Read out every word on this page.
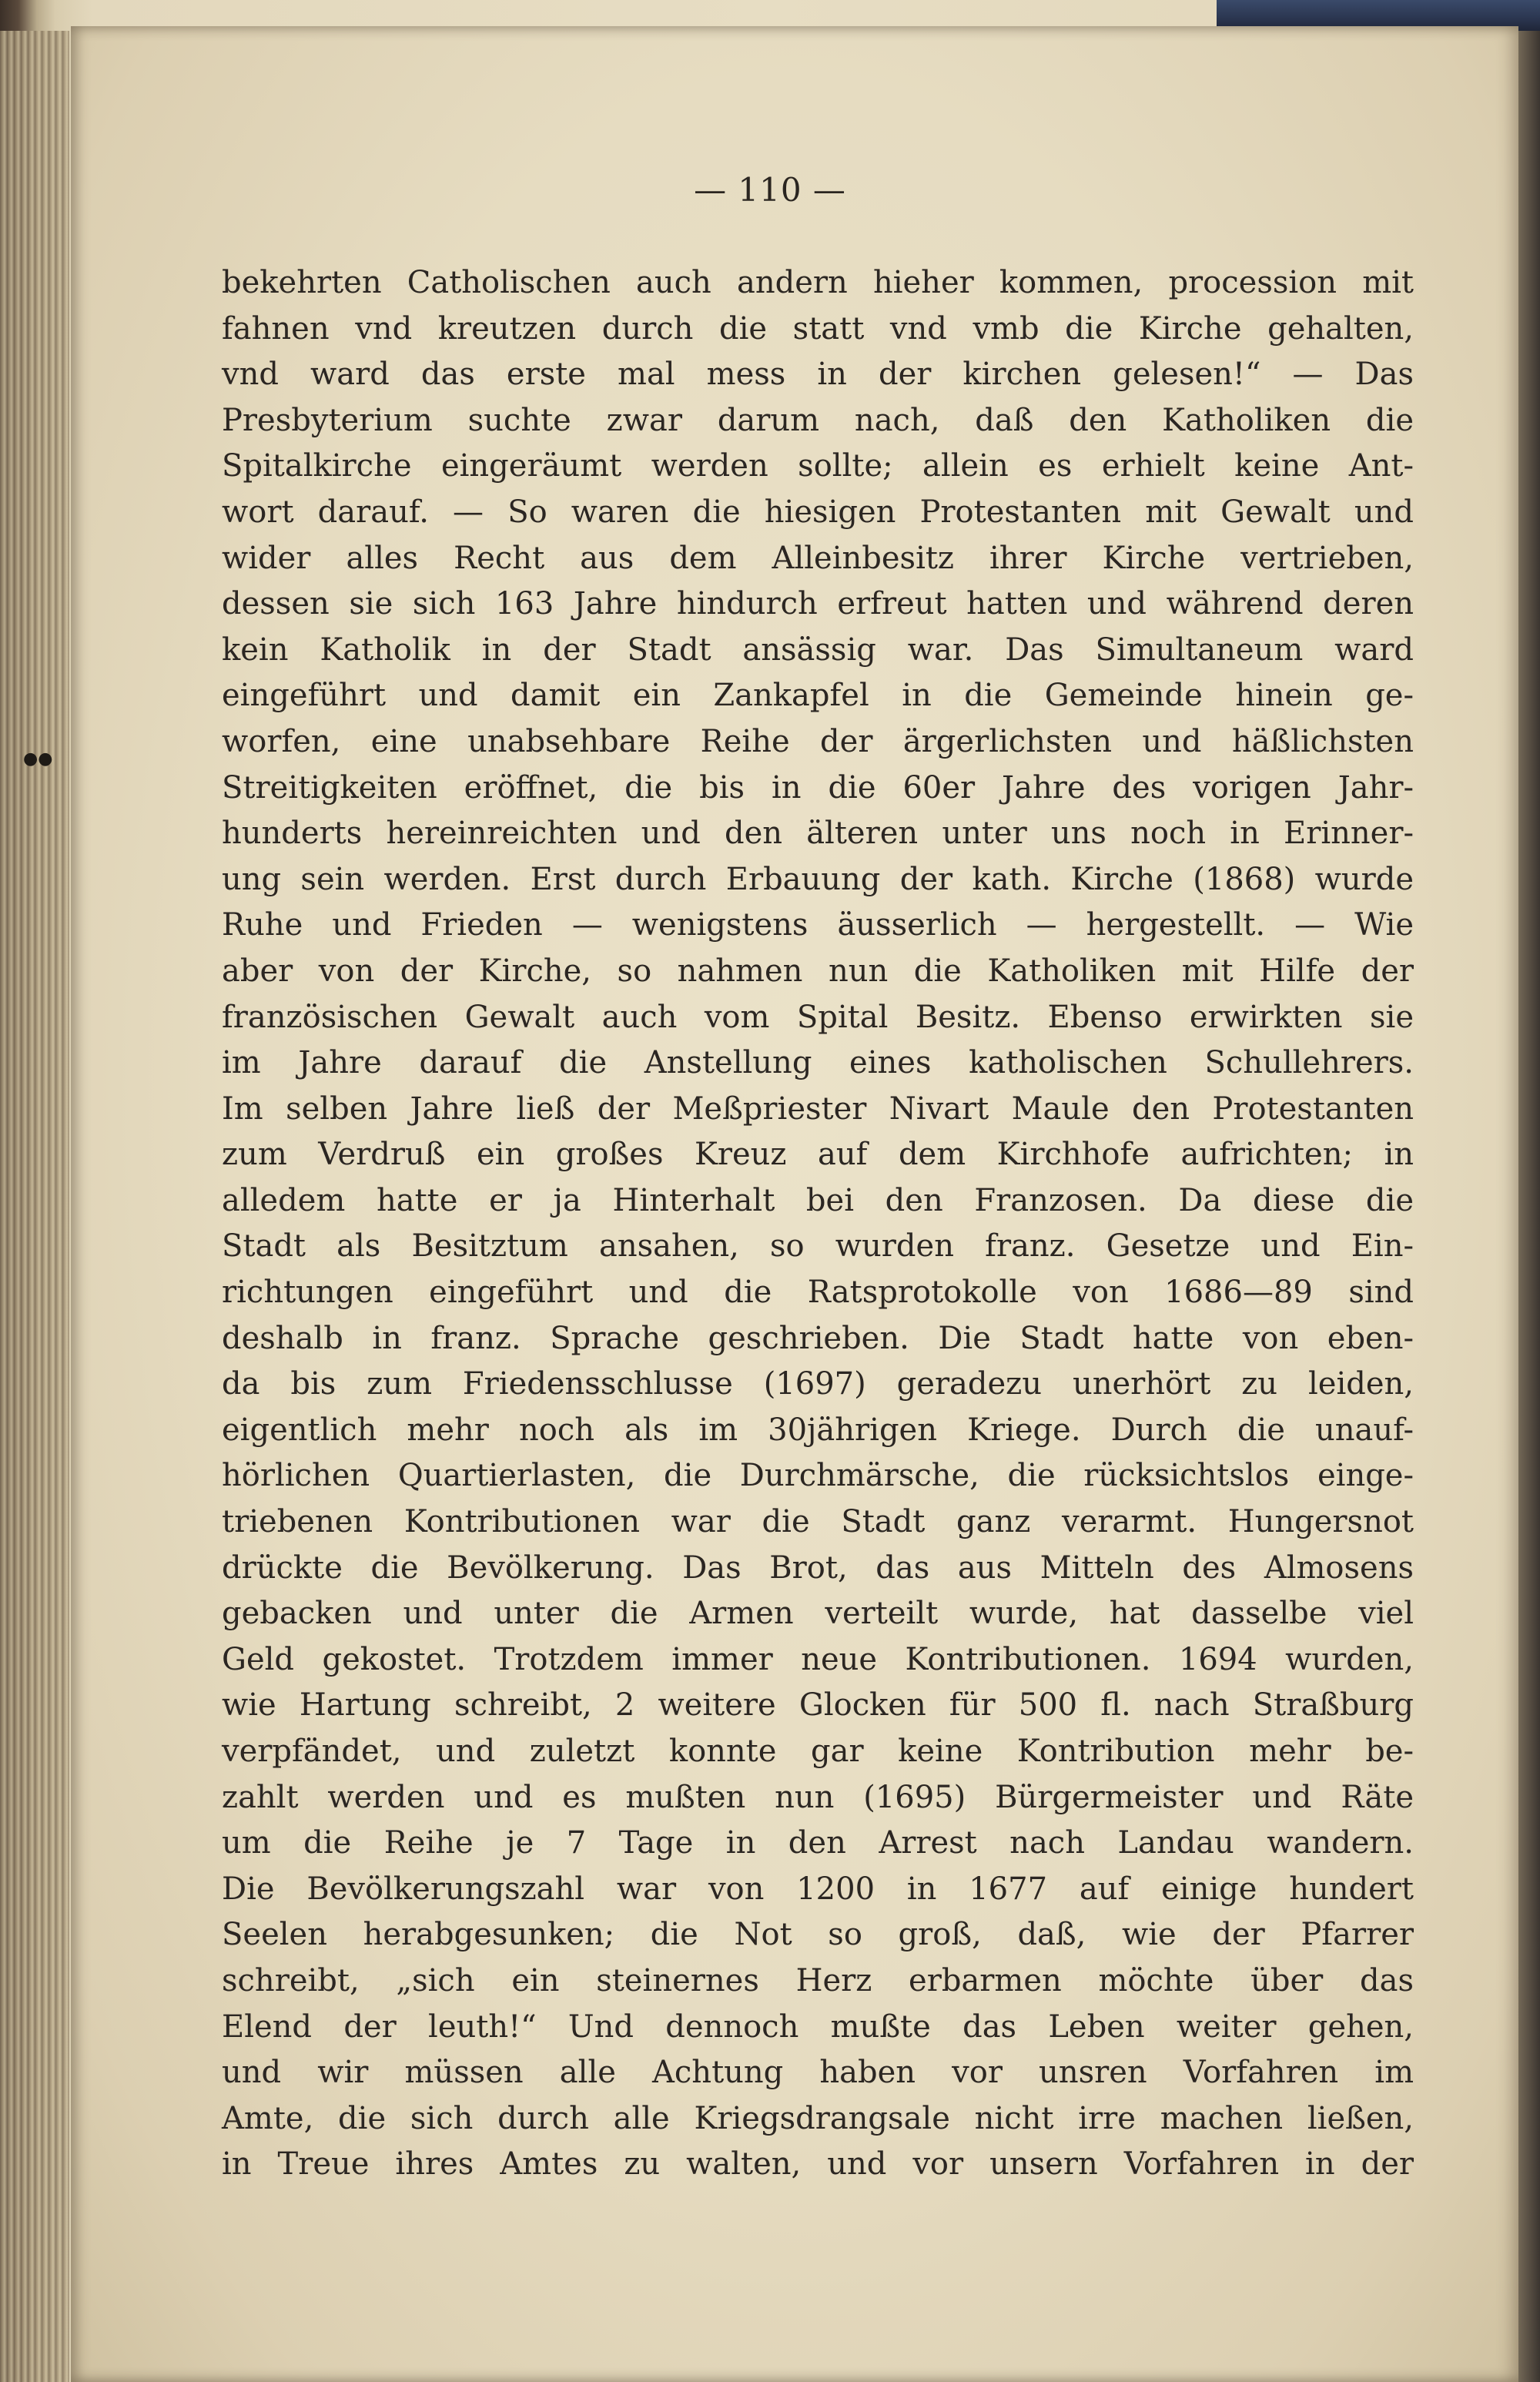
●●
— 110 —
bekehrten Catholischen auch andern hieher kommen, procession mit
fahnen vnd kreutzen durch die statt vnd vmb die Kirche gehalten,
vnd ward das erste mal mess in der kirchen gelesen!“ — Das
Presbyterium suchte zwar darum nach, daß den Katholiken die
Spitalkirche eingeräumt werden sollte; allein es erhielt keine Ant-
wort darauf. — So waren die hiesigen Protestanten mit Gewalt und
wider alles Recht aus dem Alleinbesitz ihrer Kirche vertrieben,
dessen sie sich 163 Jahre hindurch erfreut hatten und während deren
kein Katholik in der Stadt ansässig war. Das Simultaneum ward
eingeführt und damit ein Zankapfel in die Gemeinde hinein ge-
worfen, eine unabsehbare Reihe der ärgerlichsten und häßlichsten
Streitigkeiten eröffnet, die bis in die 60er Jahre des vorigen Jahr-
hunderts hereinreichten und den älteren unter uns noch in Erinner-
ung sein werden. Erst durch Erbauung der kath. Kirche (1868) wurde
Ruhe und Frieden — wenigstens äusserlich — hergestellt. — Wie
aber von der Kirche, so nahmen nun die Katholiken mit Hilfe der
französischen Gewalt auch vom Spital Besitz. Ebenso erwirkten sie
im Jahre darauf die Anstellung eines katholischen Schullehrers.
Im selben Jahre ließ der Meßpriester Nivart Maule den Protestanten
zum Verdruß ein großes Kreuz auf dem Kirchhofe aufrichten; in
alledem hatte er ja Hinterhalt bei den Franzosen. Da diese die
Stadt als Besitztum ansahen, so wurden franz. Gesetze und Ein-
richtungen eingeführt und die Ratsprotokolle von 1686—89 sind
deshalb in franz. Sprache geschrieben. Die Stadt hatte von eben-
da bis zum Friedensschlusse (1697) geradezu unerhört zu leiden,
eigentlich mehr noch als im 30jährigen Kriege. Durch die unauf-
hörlichen Quartierlasten, die Durchmärsche, die rücksichtslos einge-
triebenen Kontributionen war die Stadt ganz verarmt. Hungersnot
drückte die Bevölkerung. Das Brot, das aus Mitteln des Almosens
gebacken und unter die Armen verteilt wurde, hat dasselbe viel
Geld gekostet. Trotzdem immer neue Kontributionen. 1694 wurden,
wie Hartung schreibt, 2 weitere Glocken für 500 fl. nach Straßburg
verpfändet, und zuletzt konnte gar keine Kontribution mehr be-
zahlt werden und es mußten nun (1695) Bürgermeister und Räte
um die Reihe je 7 Tage in den Arrest nach Landau wandern.
Die Bevölkerungszahl war von 1200 in 1677 auf einige hundert
Seelen herabgesunken; die Not so groß, daß, wie der Pfarrer
schreibt, „sich ein steinernes Herz erbarmen möchte über das
Elend der leuth!“ Und dennoch mußte das Leben weiter gehen,
und wir müssen alle Achtung haben vor unsren Vorfahren im
Amte, die sich durch alle Kriegsdrangsale nicht irre machen ließen,
in Treue ihres Amtes zu walten, und vor unsern Vorfahren in der
